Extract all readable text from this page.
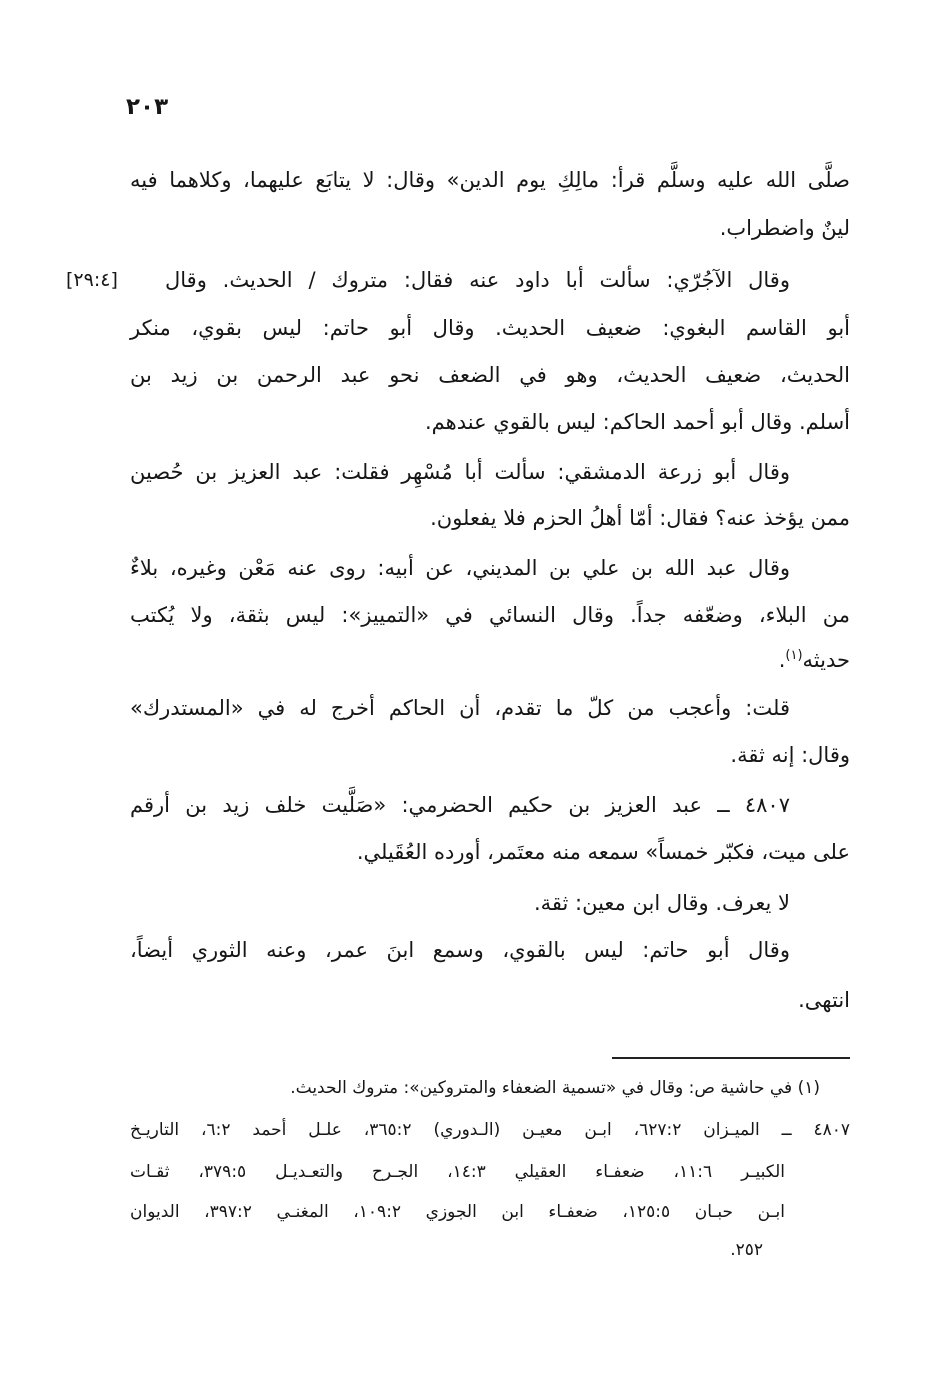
٢٠٣
صلَّى الله عليه وسلَّم قرأ: مالِكِ يوم الدين» وقال: لا يتابَع عليهما، وكلاهما فيه
لينٌ واضطراب.
وقال الآجُرّي: سألت أبا داود عنه فقال: متروك / الحديث. وقال
[٢٩:٤]
أبو القاسم البغوي: ضعيف الحديث. وقال أبو حاتم: ليس بقوي، منكر
الحديث، ضعيف الحديث، وهو في الضعف نحو عبد الرحمن بن زيد بن
أسلم. وقال أبو أحمد الحاكم: ليس بالقوي عندهم.
وقال أبو زرعة الدمشقي: سألت أبا مُسْهِر فقلت: عبد العزيز بن حُصين
ممن يؤخذ عنه؟ فقال: أمّا أهلُ الحزم فلا يفعلون.
وقال عبد الله بن علي بن المديني، عن أبيه: روى عنه مَعْن وغيره، بلاءٌ
من البلاء، وضعّفه جداً. وقال النسائي في «التمييز»: ليس بثقة، ولا يُكتب
حديثه$^{(١)}$.
قلت: وأعجب من كلّ ما تقدم، أن الحاكم أخرج له في «المستدرك»
وقال: إنه ثقة.
٤٨٠٧ ــ عبد العزيز بن حكيم الحضرمي: «صَلَّيت خلف زيد بن أرقم
على ميت، فكبّر خمساً» سمعه منه معتَمر، أورده العُقَيلي.
لا يعرف. وقال ابن معين: ثقة.
وقال أبو حاتم: ليس بالقوي، وسمع ابنَ عمر، وعنه الثوري أيضاً،
انتهى.
(١) في حاشية ص: وقال في «تسمية الضعفاء والمتروكين»: متروك الحديث.
٤٨٠٧ ــ الميـزان ٦٢٧:٢، ابـن معيـن (الـدوري) ٣٦٥:٢، علـل أحمد ٦:٢، التاريـخ
الكبيـر ١١:٦، ضعفـاء العقيلي ١٤:٣، الجـرح والتعـديـل ٣٧٩:٥، ثقـات
ابـن حبـان ١٢٥:٥، ضعفـاء ابن الجوزي ١٠٩:٢، المغنـي ٣٩٧:٢، الديوان
٢٥٢.
